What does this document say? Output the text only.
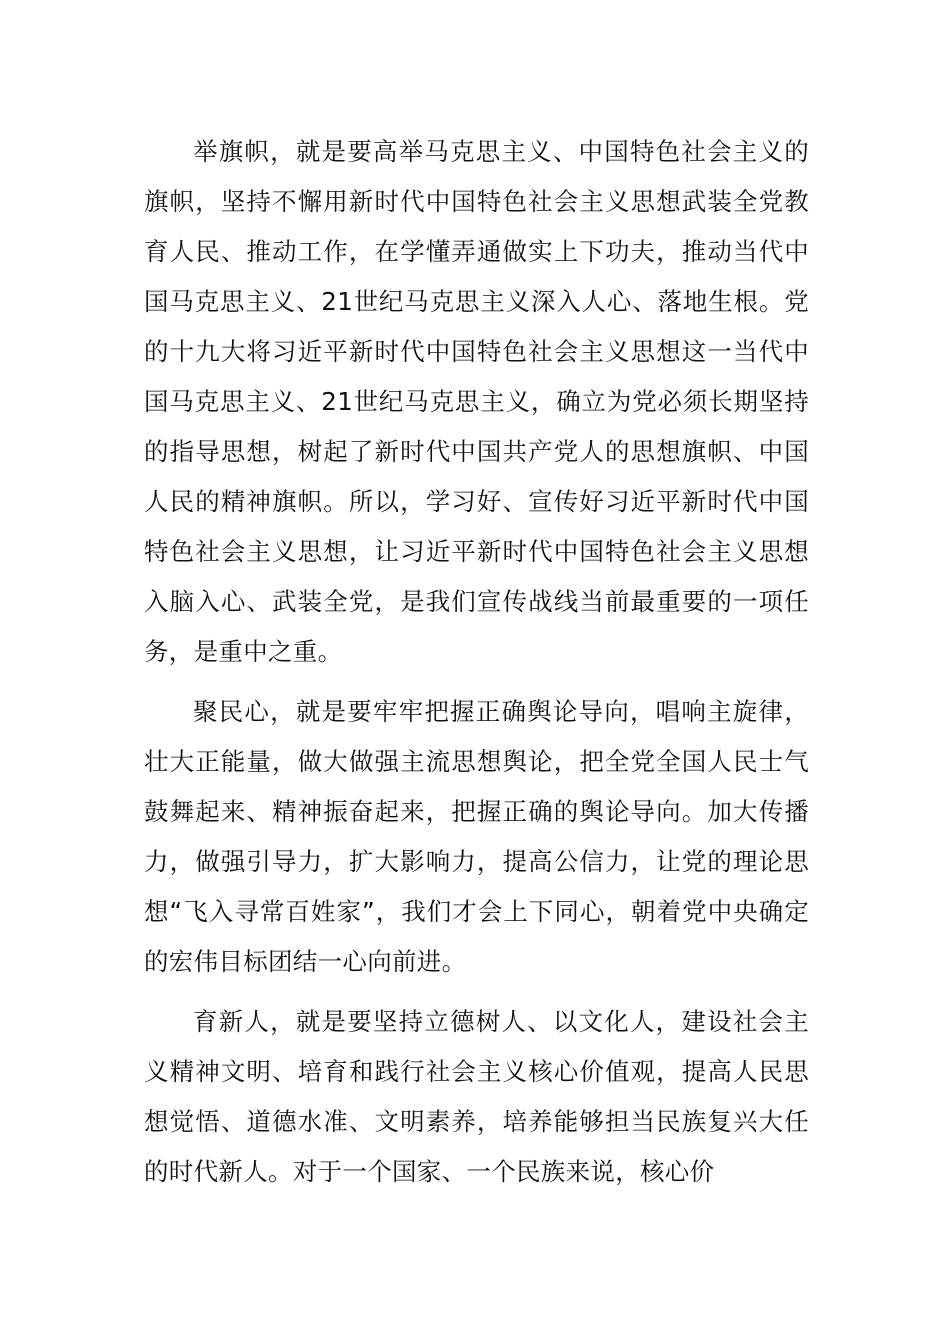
举旗帜，就是要高举马克思主义、中国特色社会主义的旗帜，坚持不懈用新时代中国特色社会主义思想武装全党教育人民、推动工作，在学懂弄通做实上下功夫，推动当代中国马克思主义、21世纪马克思主义深入人心、落地生根。党的十九大将习近平新时代中国特色社会主义思想这一当代中国马克思主义、21世纪马克思主义，确立为党必须长期坚持的指导思想，树起了新时代中国共产党人的思想旗帜、中国人民的精神旗帜。所以，学习好、宣传好习近平新时代中国特色社会主义思想，让习近平新时代中国特色社会主义思想入脑入心、武装全党，是我们宣传战线当前最重要的一项任务，是重中之重。

聚民心，就是要牢牢把握正确舆论导向，唱响主旋律，壮大正能量，做大做强主流思想舆论，把全党全国人民士气鼓舞起来、精神振奋起来，把握正确的舆论导向。加大传播力，做强引导力，扩大影响力，提高公信力，让党的理论思想“飞入寻常百姓家”，我们才会上下同心，朝着党中央确定的宏伟目标团结一心向前进。

育新人，就是要坚持立德树人、以文化人，建设社会主义精神文明、培育和践行社会主义核心价值观，提高人民思想觉悟、道德水准、文明素养，培养能够担当民族复兴大任的时代新人。对于一个国家、一个民族来说，核心价
